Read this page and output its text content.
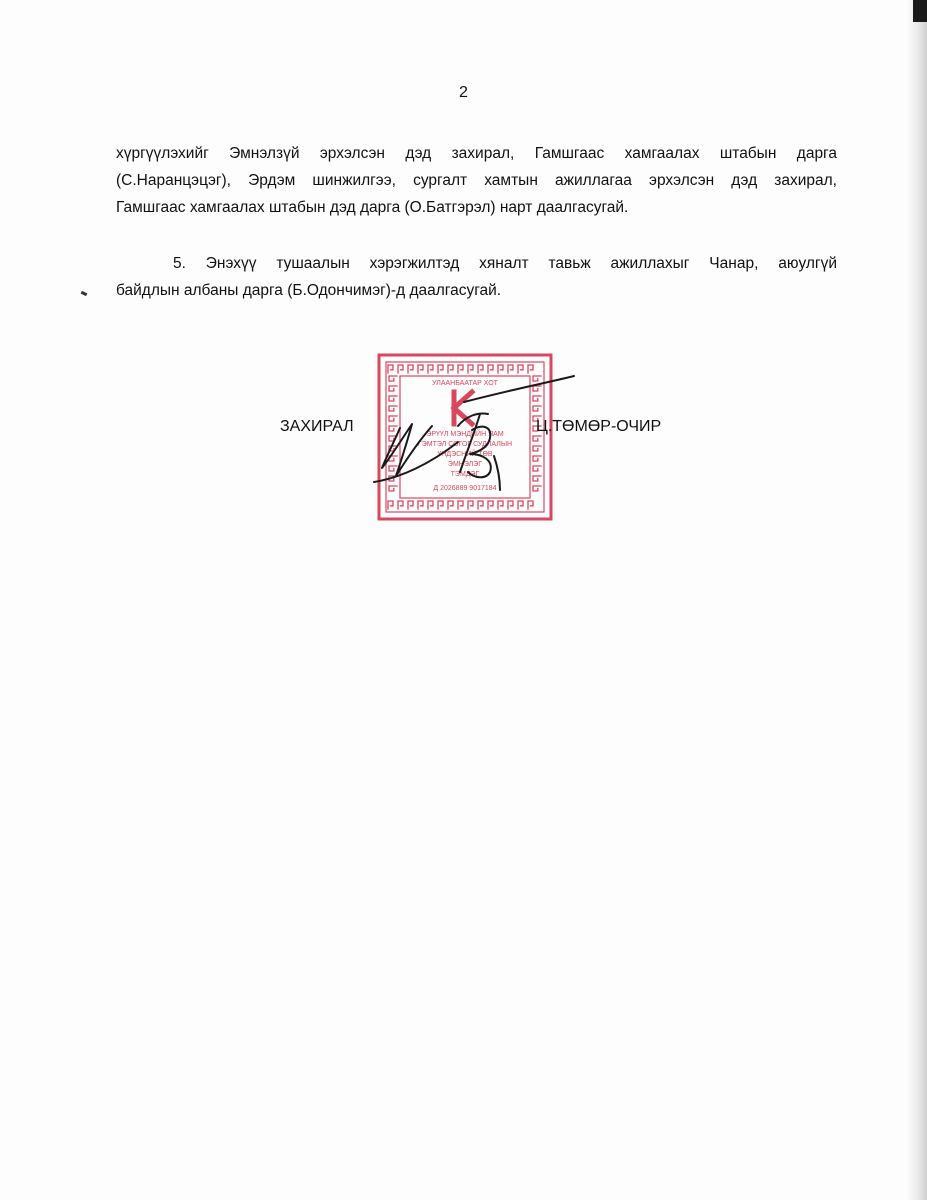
2

хүргүүлэхийг Эмнэлзүй эрхэлсэн дэд захирал, Гамшгаас хамгаалах штабын дарга
(С.Наранцэцэг), Эрдэм шинжилгээ, сургалт хамтын ажиллагаа эрхэлсэн дэд захирал,
Гамшгаас хамгаалах штабын дэд дарга (О.Батгэрэл) нарт даалгасугай.

5. Энэхүү тушаалын хэрэгжилтэд хяналт тавьж ажиллахыг Чанар, аюулгүй
байдлын албаны дарга (Б.Одончимэг)-д даалгасугай.

УЛААНБААТАР ХОТ
ЭРҮҮЛ МЭНДИЙН ЯАМ
ГЭМТЭЛ СОГОГ СУДЛАЛЫН
ҮНДЭСНИЙ ТӨВ
ЭМНЭЛЭГ
ТЭМДЭГ
Д 2026889 9017184
ЗАХИРАЛ	Ц.ТӨМӨР-ОЧИР
